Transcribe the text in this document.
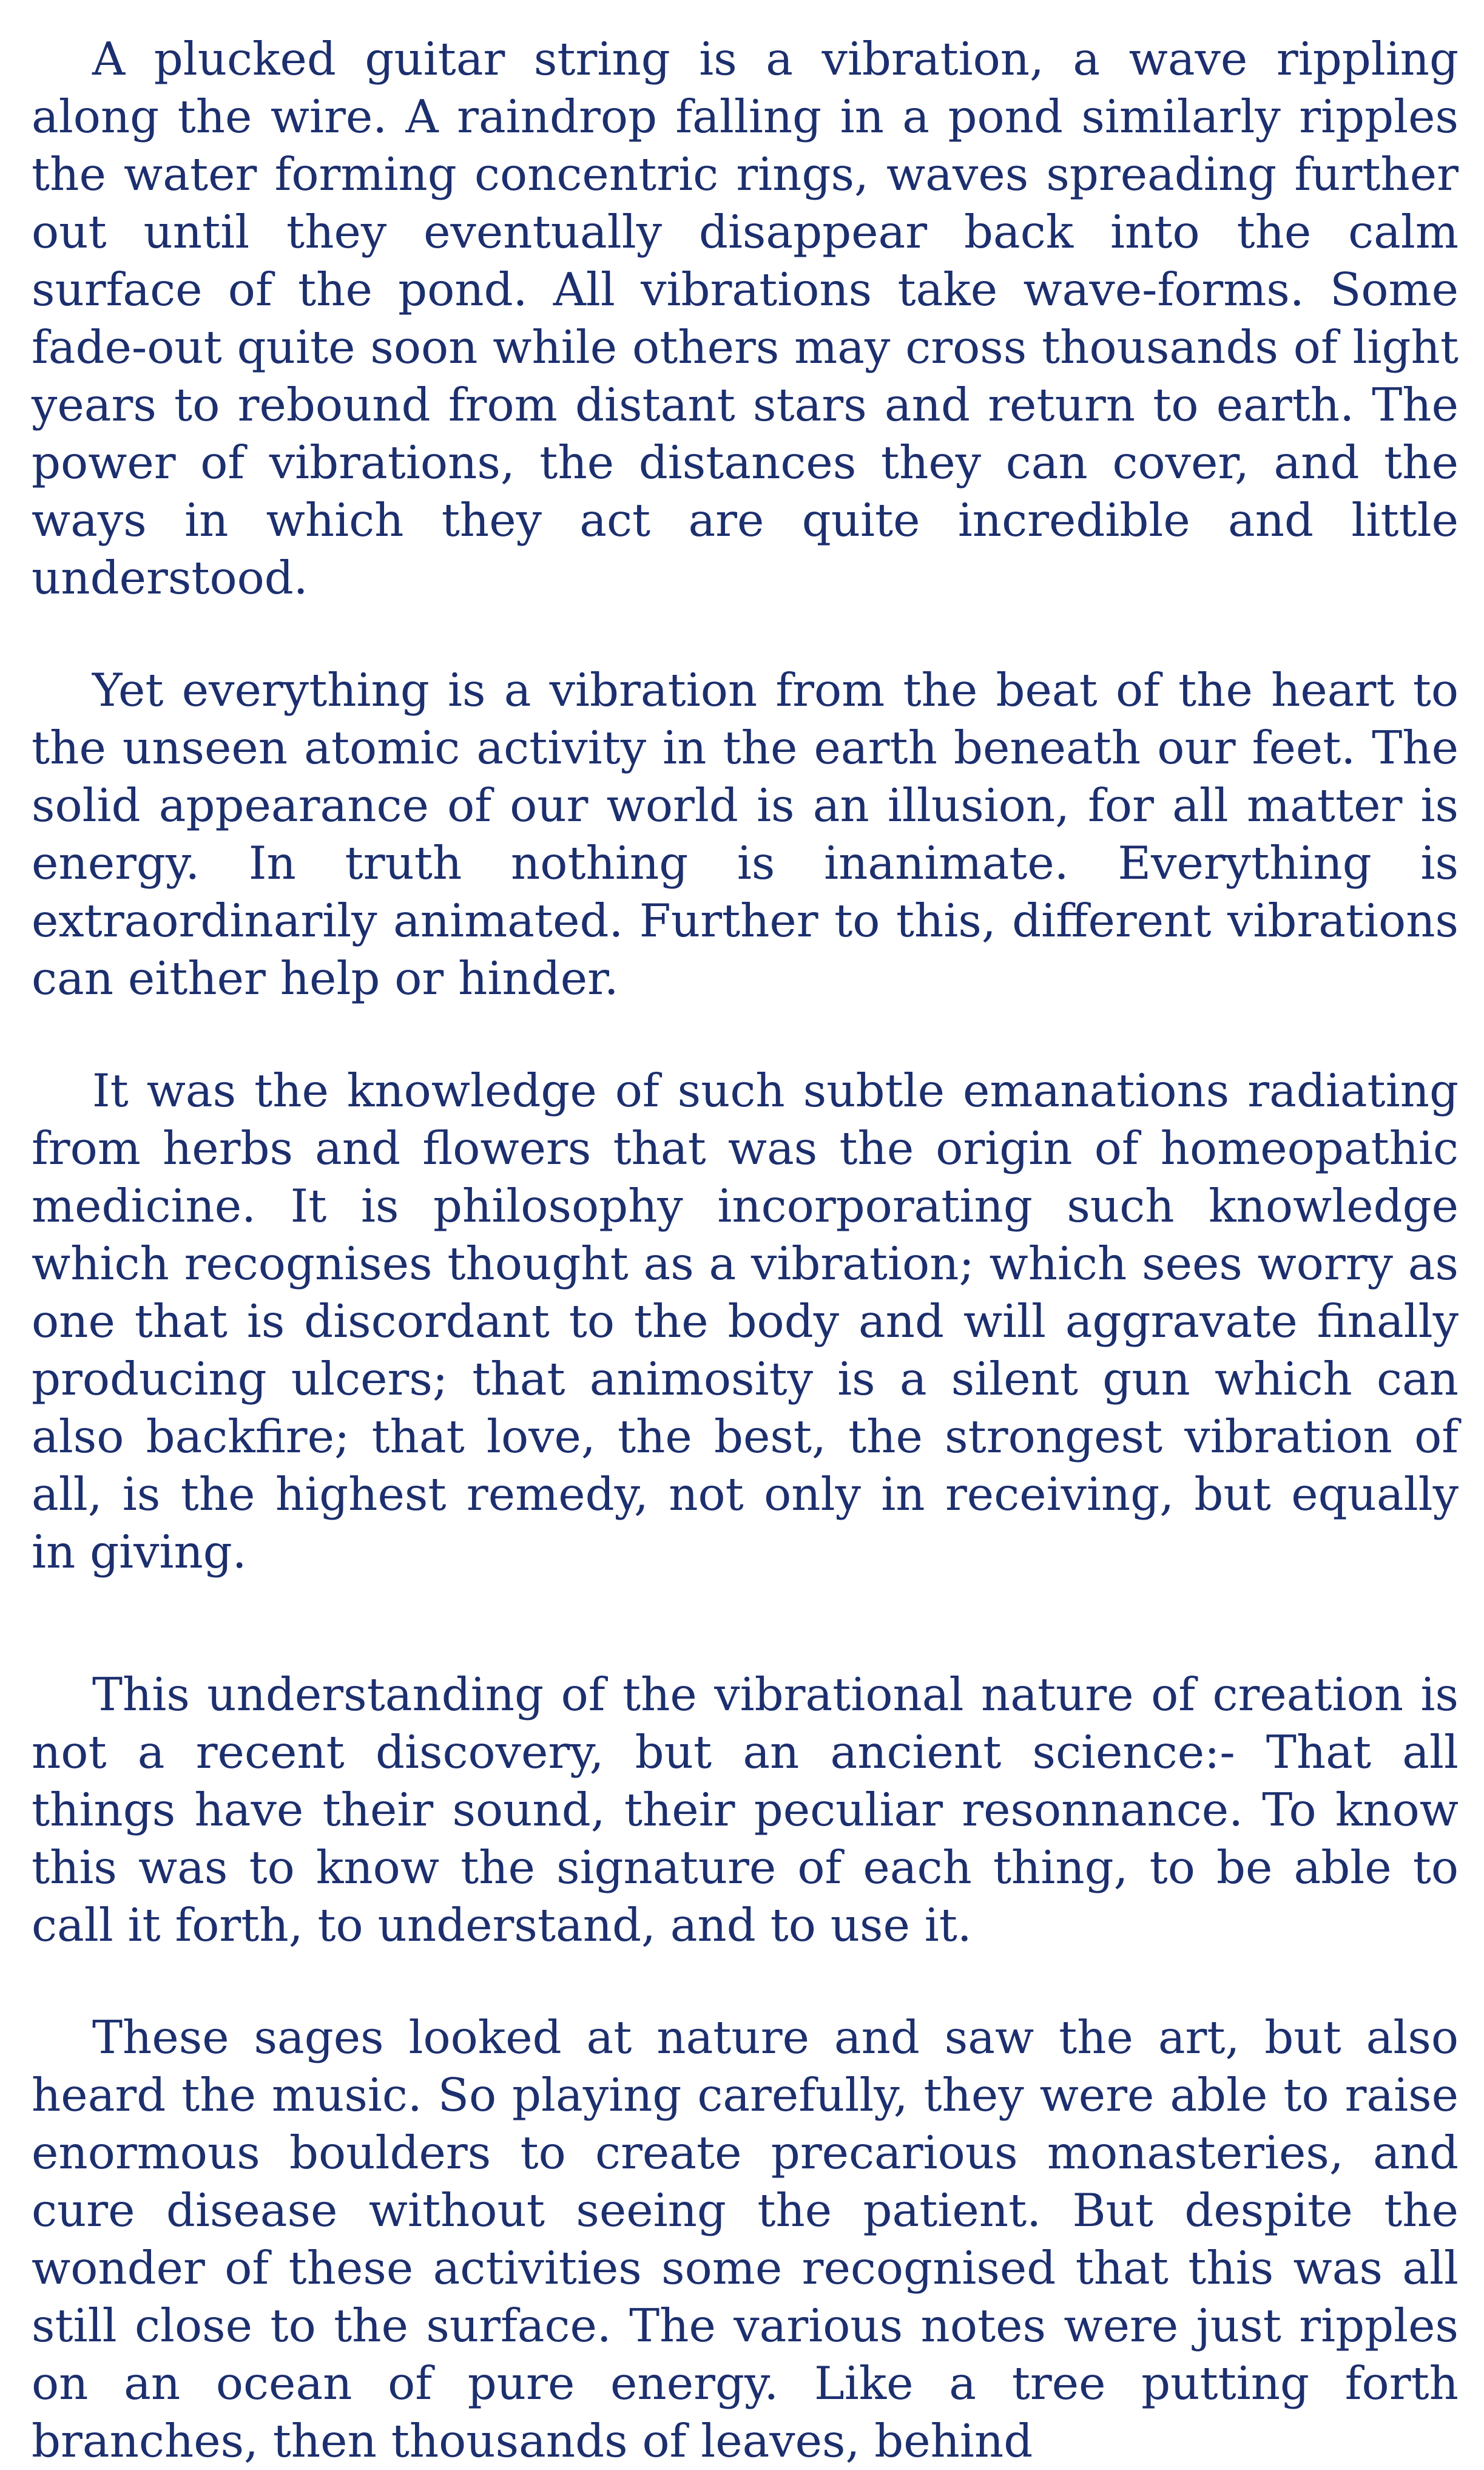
A plucked guitar string is a vibration, a wave rippling along the wire. A raindrop falling in a pond similarly ripples the water forming concentric rings, waves spreading further out until they eventually disappear back into the calm surface of the pond. All vibrations take wave-forms. Some fade-out quite soon while others may cross thousands of light years to rebound from distant stars and return to earth. The power of vibrations, the distances they can cover, and the ways in which they act are quite incredible and little understood.

Yet everything is a vibration from the beat of the heart to the unseen atomic activity in the earth beneath our feet. The solid appearance of our world is an illusion, for all matter is energy. In truth nothing is inanimate. Everything is extraordinarily animated. Further to this, different vibrations can either help or hinder.

It was the knowledge of such subtle emanations radiating from herbs and flowers that was the origin of homeopathic medicine. It is philosophy incorporating such knowledge which recognises thought as a vibration; which sees worry as one that is discordant to the body and will aggravate finally producing ulcers; that animosity is a silent gun which can also backfire; that love, the best, the strongest vibration of all, is the highest remedy, not only in receiving, but equally in giving.

This understanding of the vibrational nature of creation is not a recent discovery, but an ancient science:- That all things have their sound, their peculiar resonnance. To know this was to know the signature of each thing, to be able to call it forth, to understand, and to use it.

These sages looked at nature and saw the art, but also heard the music. So playing carefully, they were able to raise enormous boulders to create precarious monasteries, and cure disease without seeing the patient. But despite the wonder of these activities some recognised that this was all still close to the surface. The various notes were just ripples on an ocean of pure energy. Like a tree putting forth branches, then thousands of leaves, behind
